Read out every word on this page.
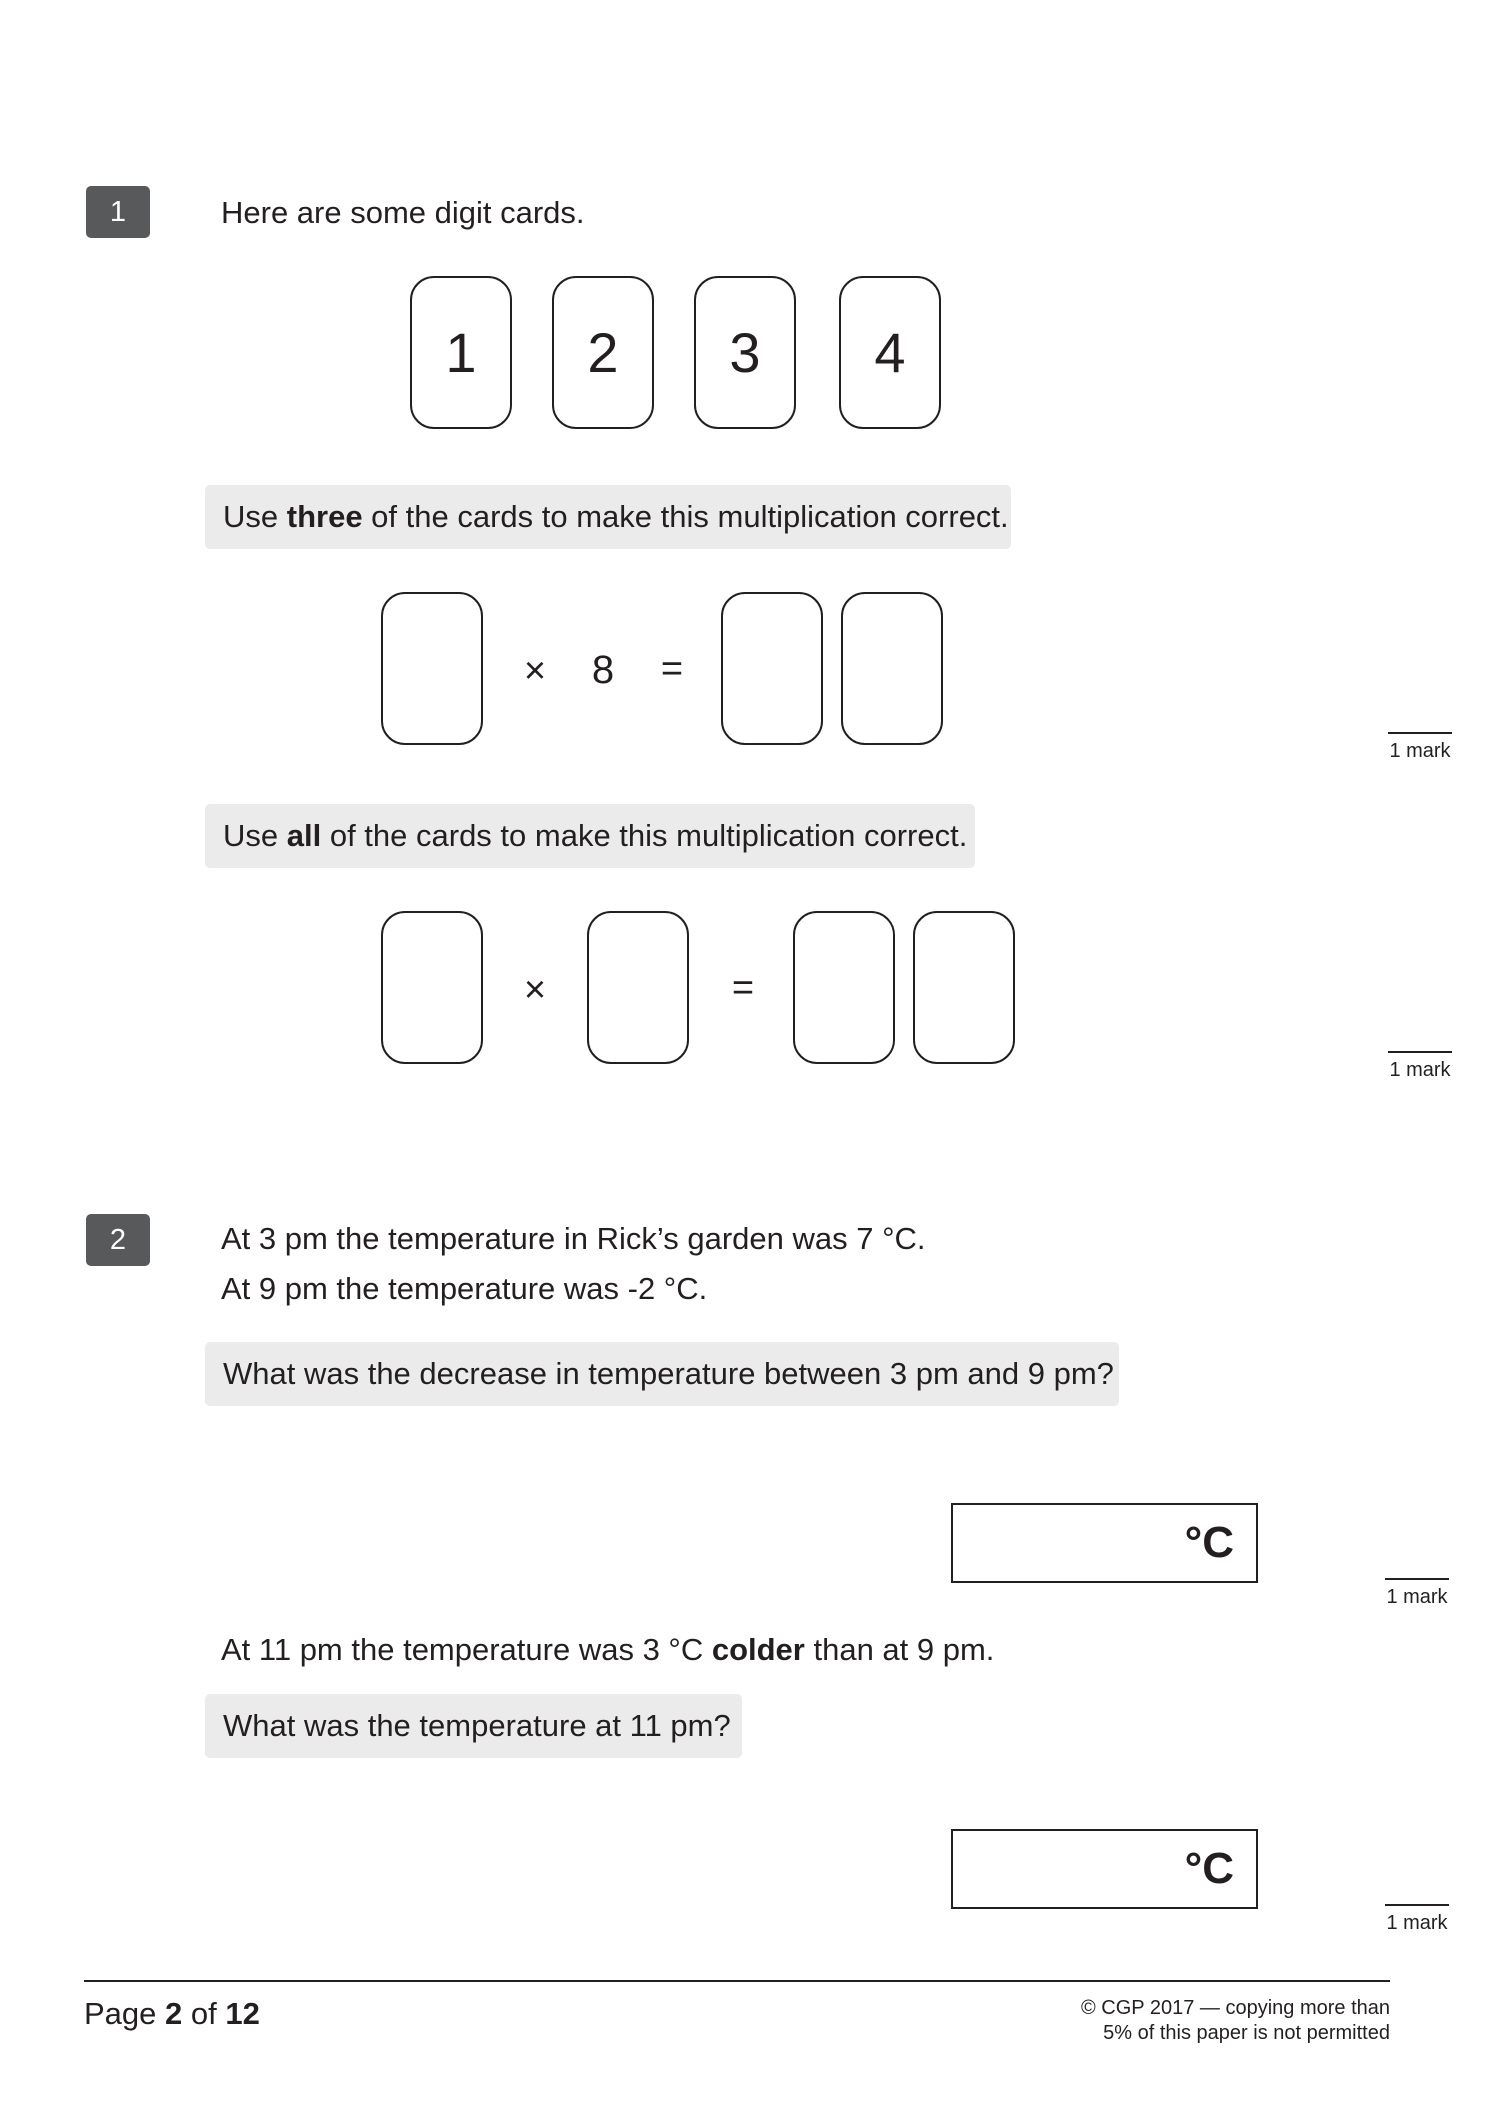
1	Here are some digit cards.
1	2	3	4
Use three of the cards to make this multiplication correct.
× 8 =
1 mark
Use all of the cards to make this multiplication correct.
×	=
1 mark
2	At 3 pm the temperature in Rick’s garden was 7 °C.
At 9 pm the temperature was -2 °C.
What was the decrease in temperature between 3 pm and 9 pm?
°C
1 mark
At 11 pm the temperature was 3 °C colder than at 9 pm.
What was the temperature at 11 pm?
°C
1 mark
Page 2 of 12	© CGP 2017 — copying more than
5% of this paper is not permitted
